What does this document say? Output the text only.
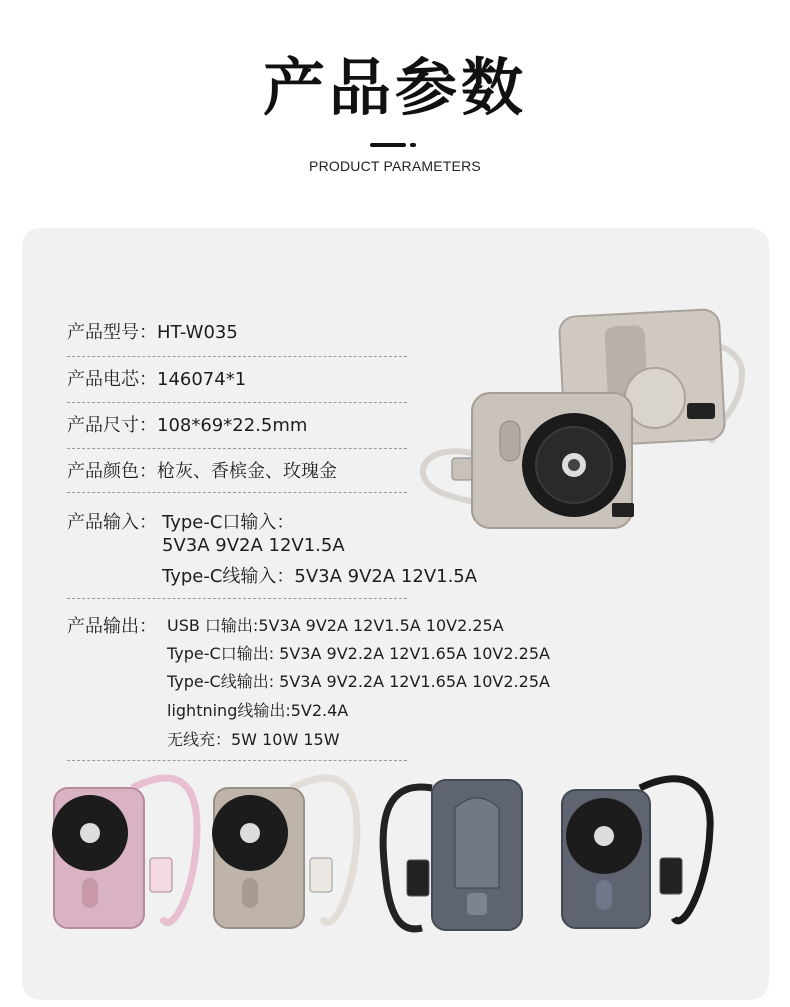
产品参数
PRODUCT PARAMETERS
产品型号：HT-W035
产品电芯：146074*1
产品尺寸：108*69*22.5mm
产品颜色：枪灰、香槟金、玫瑰金
产品输入： Type-C口输入：
5V3A 9V2A 12V1.5A
Type-C线输入：5V3A 9V2A 12V1.5A
产品输出： USB 口输出:5V3A 9V2A 12V1.5A 10V2.25A
Type-C口输出: 5V3A 9V2.2A 12V1.65A 10V2.25A
Type-C线输出: 5V3A 9V2.2A 12V1.65A 10V2.25A
lightning线输出:5V2.4A
无线充：5W 10W 15W
